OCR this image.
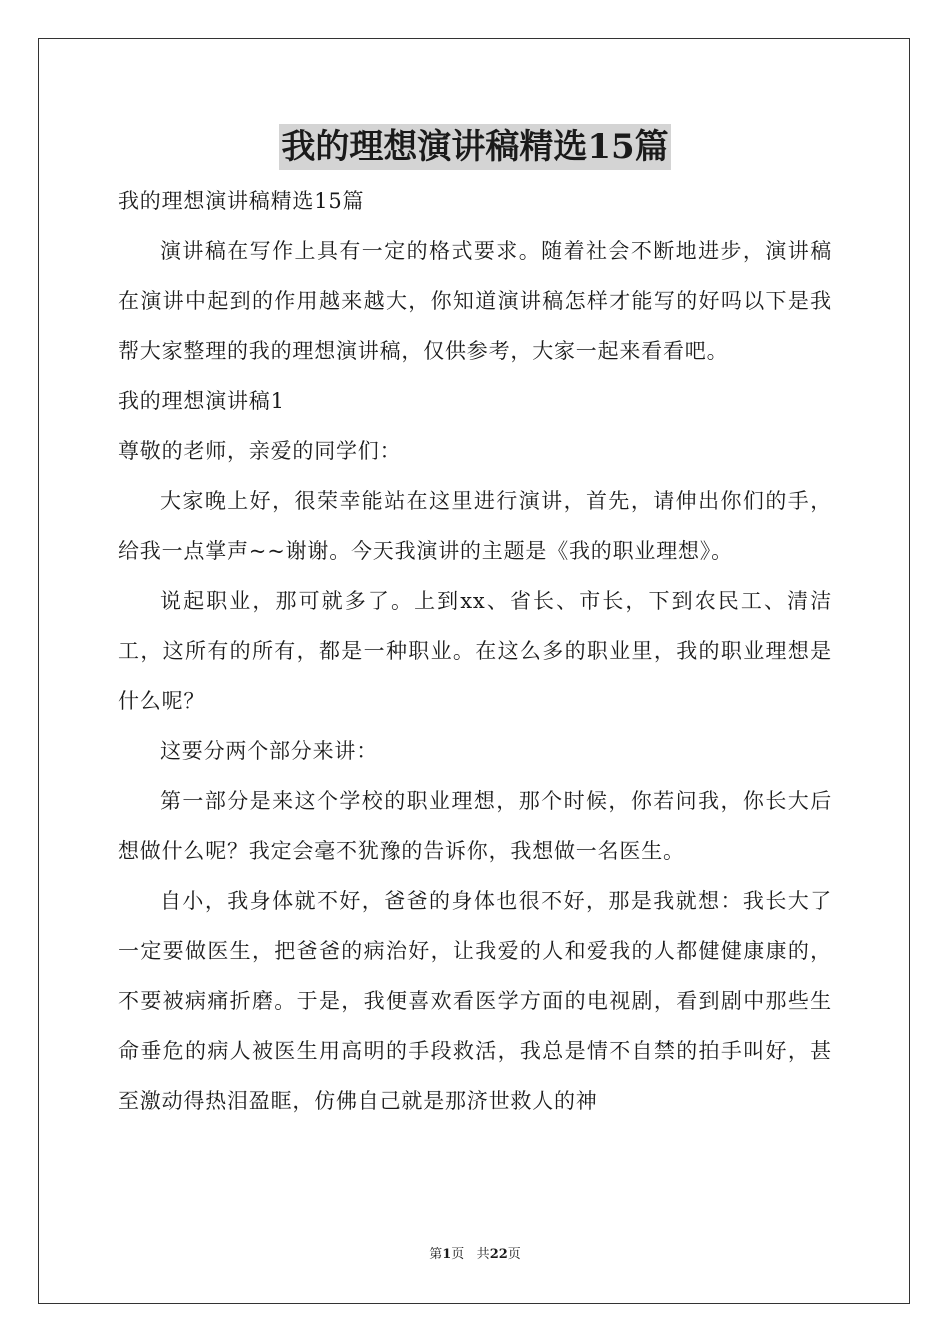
我的理想演讲稿精选15篇

我的理想演讲稿精选15篇

演讲稿在写作上具有一定的格式要求。随着社会不断地进步，演讲稿在演讲中起到的作用越来越大，你知道演讲稿怎样才能写的好吗以下是我帮大家整理的我的理想演讲稿，仅供参考，大家一起来看看吧。

我的理想演讲稿1

尊敬的老师，亲爱的同学们：

大家晚上好，很荣幸能站在这里进行演讲，首先，请伸出你们的手，给我一点掌声~~谢谢。今天我演讲的主题是《我的职业理想》。

说起职业，那可就多了。上到xx、省长、市长，下到农民工、清洁工，这所有的所有，都是一种职业。在这么多的职业里，我的职业理想是什么呢？

这要分两个部分来讲：

第一部分是来这个学校的职业理想，那个时候，你若问我，你长大后想做什么呢？我定会毫不犹豫的告诉你，我想做一名医生。

自小，我身体就不好，爸爸的身体也很不好，那是我就想：我长大了一定要做医生，把爸爸的病治好，让我爱的人和爱我的人都健健康康的，不要被病痛折磨。于是，我便喜欢看医学方面的电视剧，看到剧中那些生命垂危的病人被医生用高明的手段救活，我总是情不自禁的拍手叫好，甚至激动得热泪盈眶，仿佛自己就是那济世救人的神

第1页 共22页
